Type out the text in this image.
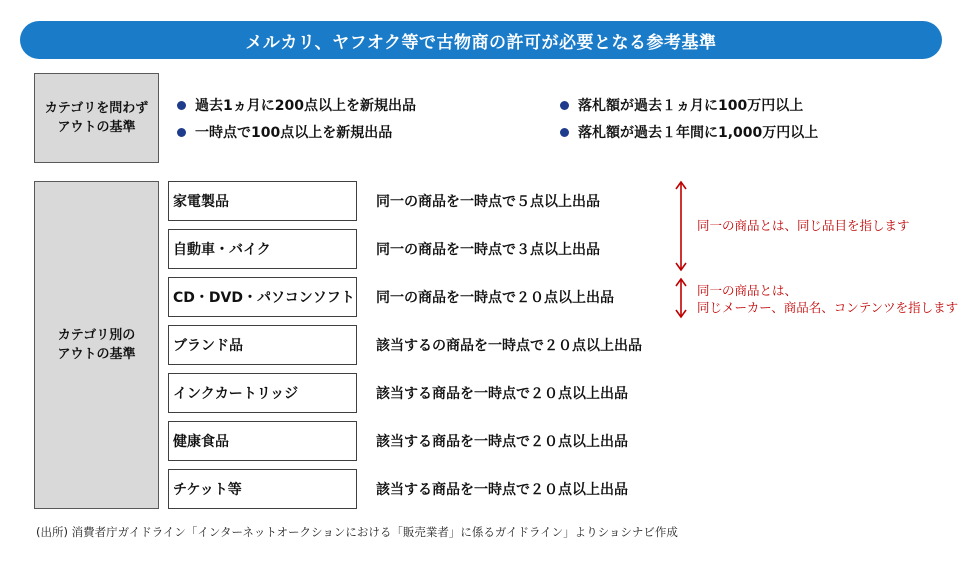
メルカリ、ヤフオク等で古物商の許可が必要となる参考基準
カテゴリを問わず
アウトの基準
過去1ヵ月に200点以上を新規出品
一時点で100点以上を新規出品
落札額が過去１ヵ月に100万円以上
落札額が過去１年間に1,000万円以上
カテゴリ別の
アウトの基準
家電製品	同一の商品を一時点で５点以上出品
自動車・バイク	同一の商品を一時点で３点以上出品
CD・DVD・パソコンソフト 同一の商品を一時点で２０点以上出品
ブランド品	該当するの商品を一時点で２０点以上出品
インクカートリッジ	該当する商品を一時点で２０点以上出品
健康食品	該当する商品を一時点で２０点以上出品
チケット等	該当する商品を一時点で２０点以上出品
同一の商品とは、同じ品目を指します
同一の商品とは、
同じメーカー、商品名、コンテンツを指します
(出所) 消費者庁ガイドライン「インターネットオークションにおける「販売業者」に係るガイドライン」よりショシナビ作成
